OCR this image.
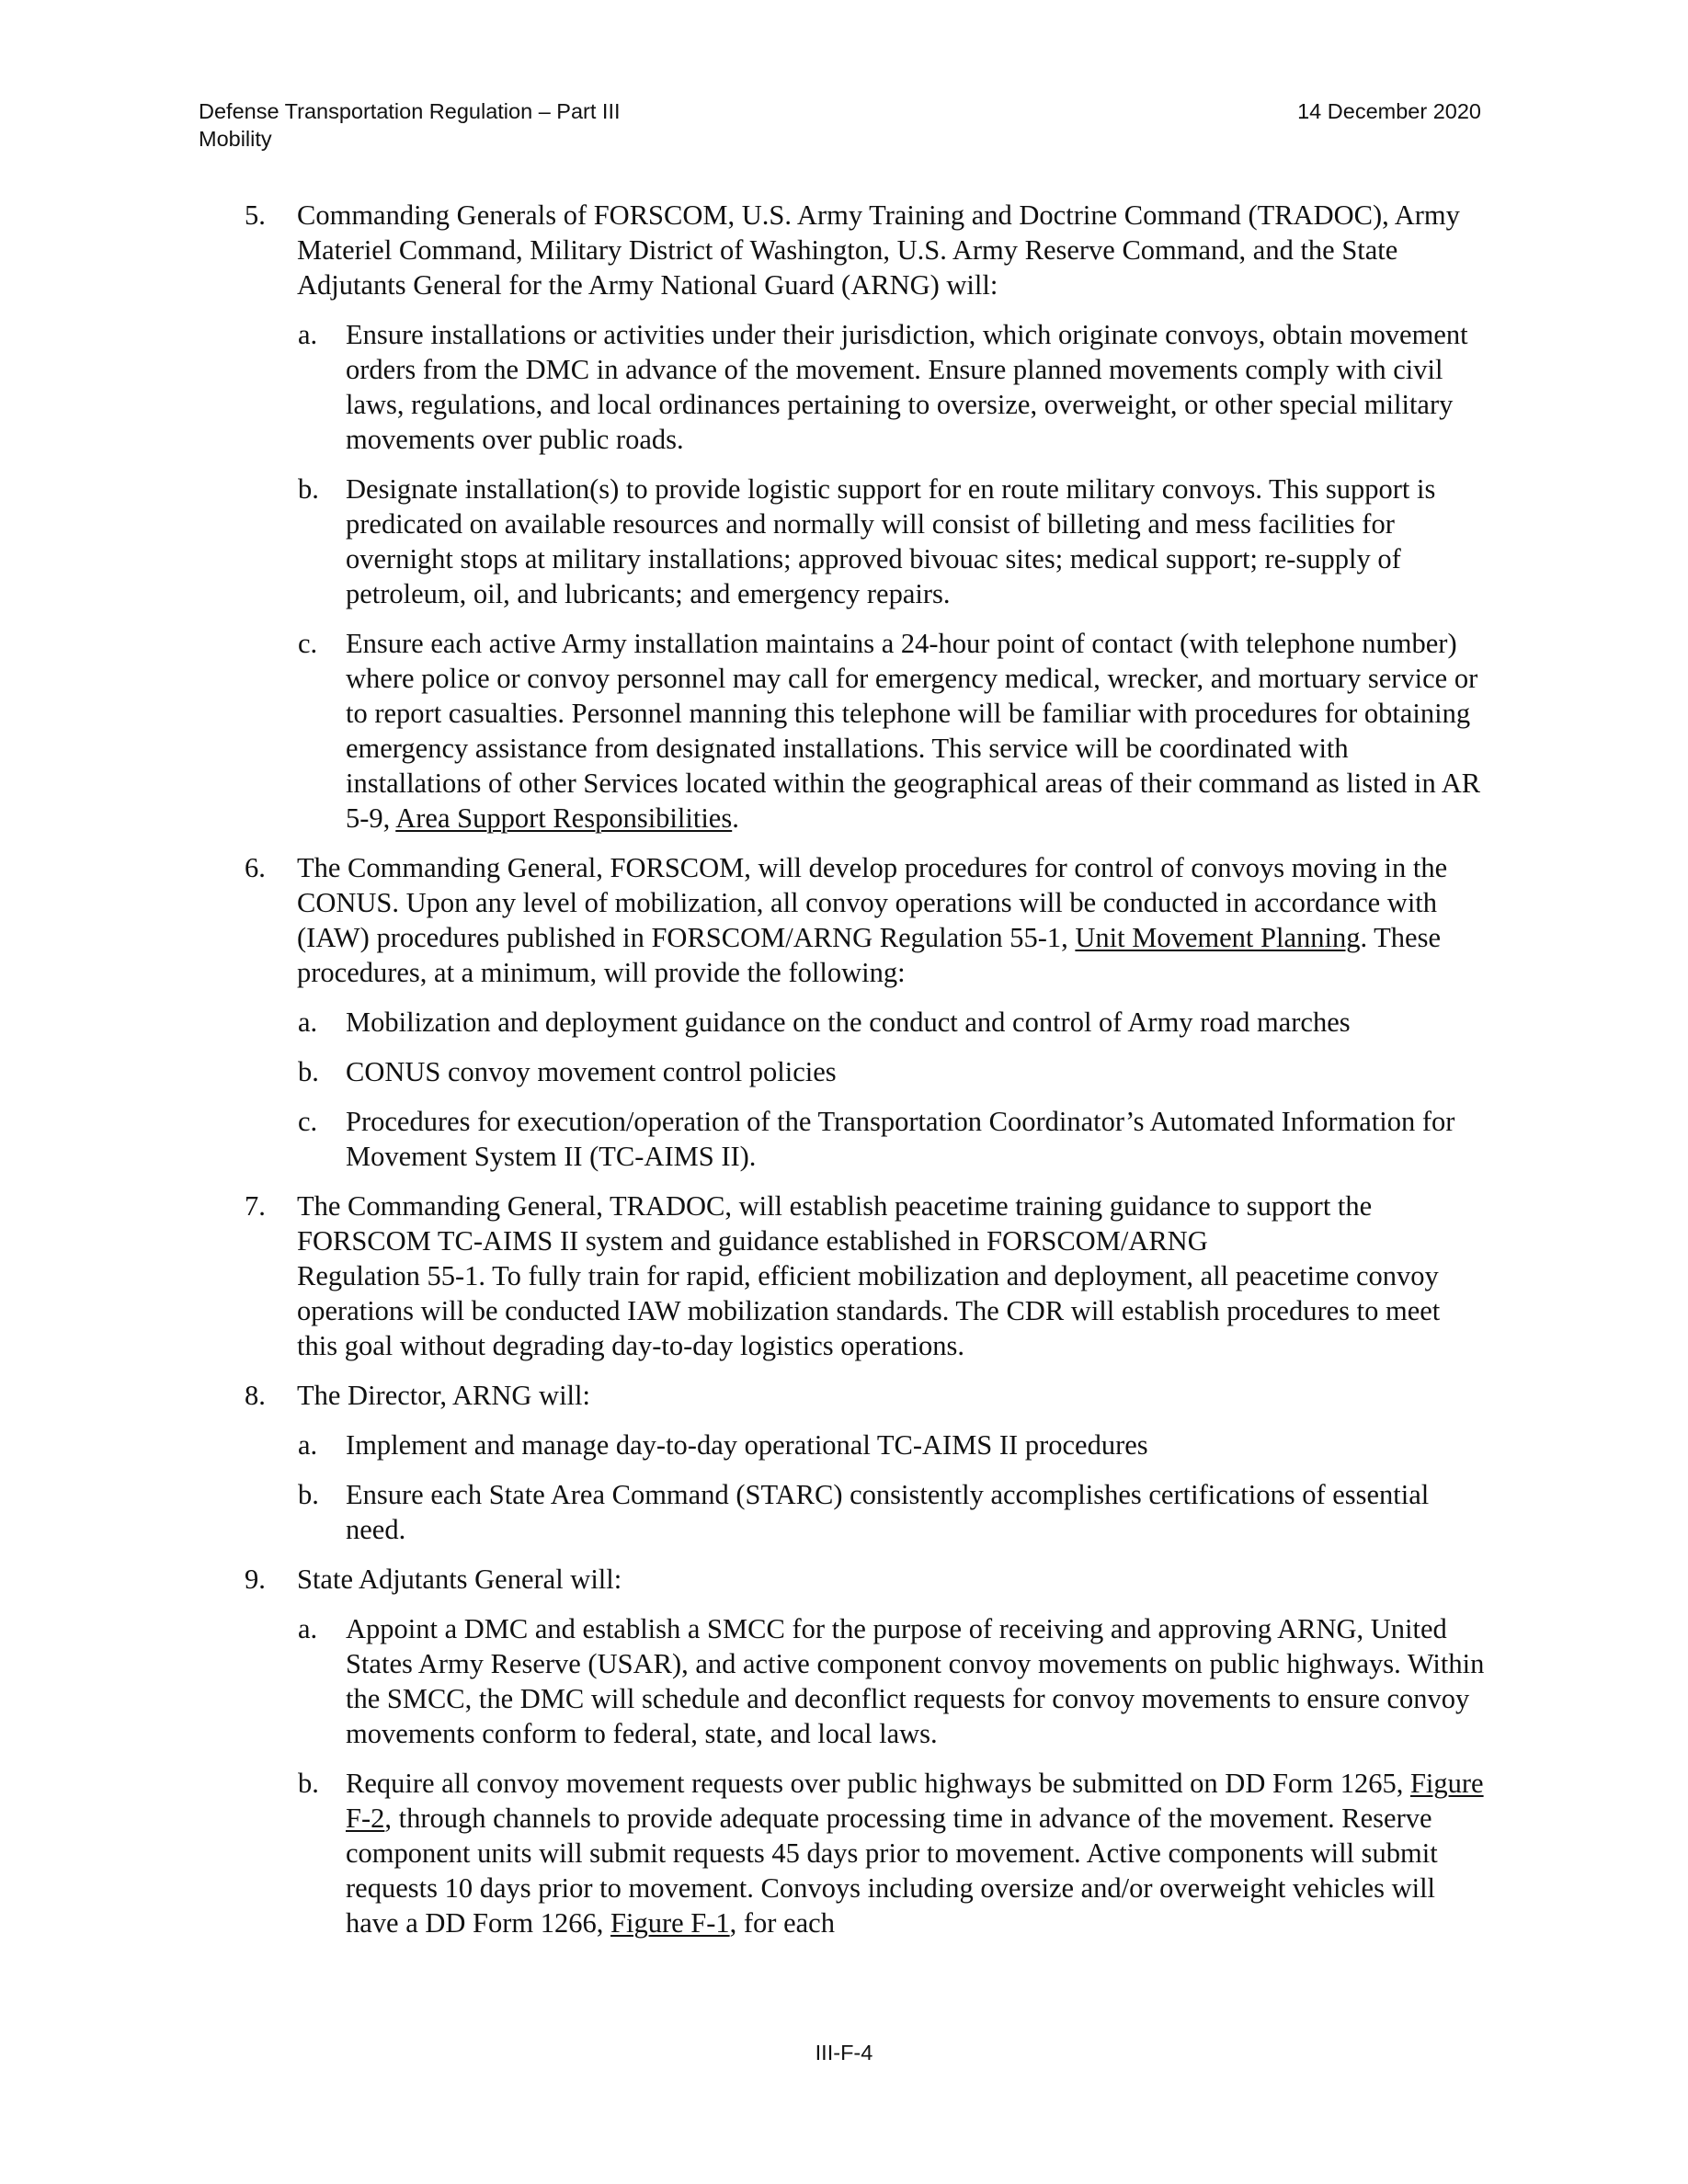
Defense Transportation Regulation – Part III
Mobility
14 December 2020
5. Commanding Generals of FORSCOM, U.S. Army Training and Doctrine Command (TRADOC), Army Materiel Command, Military District of Washington, U.S. Army Reserve Command, and the State Adjutants General for the Army National Guard (ARNG) will:
a. Ensure installations or activities under their jurisdiction, which originate convoys, obtain movement orders from the DMC in advance of the movement. Ensure planned movements comply with civil laws, regulations, and local ordinances pertaining to oversize, overweight, or other special military movements over public roads.
b. Designate installation(s) to provide logistic support for en route military convoys. This support is predicated on available resources and normally will consist of billeting and mess facilities for overnight stops at military installations; approved bivouac sites; medical support; re-supply of petroleum, oil, and lubricants; and emergency repairs.
c. Ensure each active Army installation maintains a 24-hour point of contact (with telephone number) where police or convoy personnel may call for emergency medical, wrecker, and mortuary service or to report casualties. Personnel manning this telephone will be familiar with procedures for obtaining emergency assistance from designated installations. This service will be coordinated with installations of other Services located within the geographical areas of their command as listed in AR 5-9, Area Support Responsibilities.
6. The Commanding General, FORSCOM, will develop procedures for control of convoys moving in the CONUS. Upon any level of mobilization, all convoy operations will be conducted in accordance with (IAW) procedures published in FORSCOM/ARNG Regulation 55-1, Unit Movement Planning. These procedures, at a minimum, will provide the following:
a. Mobilization and deployment guidance on the conduct and control of Army road marches
b. CONUS convoy movement control policies
c. Procedures for execution/operation of the Transportation Coordinator’s Automated Information for Movement System II (TC-AIMS II).
7. The Commanding General, TRADOC, will establish peacetime training guidance to support the
FORSCOM TC-AIMS II system and guidance established in FORSCOM/ARNG
Regulation 55-1. To fully train for rapid, efficient mobilization and deployment, all peacetime convoy operations will be conducted IAW mobilization standards. The CDR will establish procedures to meet this goal without degrading day-to-day logistics operations.
8. The Director, ARNG will:
a. Implement and manage day-to-day operational TC-AIMS II procedures
b. Ensure each State Area Command (STARC) consistently accomplishes certifications of essential need.
9. State Adjutants General will:
a. Appoint a DMC and establish a SMCC for the purpose of receiving and approving ARNG, United States Army Reserve (USAR), and active component convoy movements on public highways. Within the SMCC, the DMC will schedule and deconflict requests for convoy movements to ensure convoy movements conform to federal, state, and local laws.
b. Require all convoy movement requests over public highways be submitted on DD Form 1265, Figure F-2, through channels to provide adequate processing time in advance of the movement. Reserve component units will submit requests 45 days prior to movement. Active components will submit requests 10 days prior to movement. Convoys including oversize and/or overweight vehicles will have a DD Form 1266, Figure F-1, for each
III-F-4
